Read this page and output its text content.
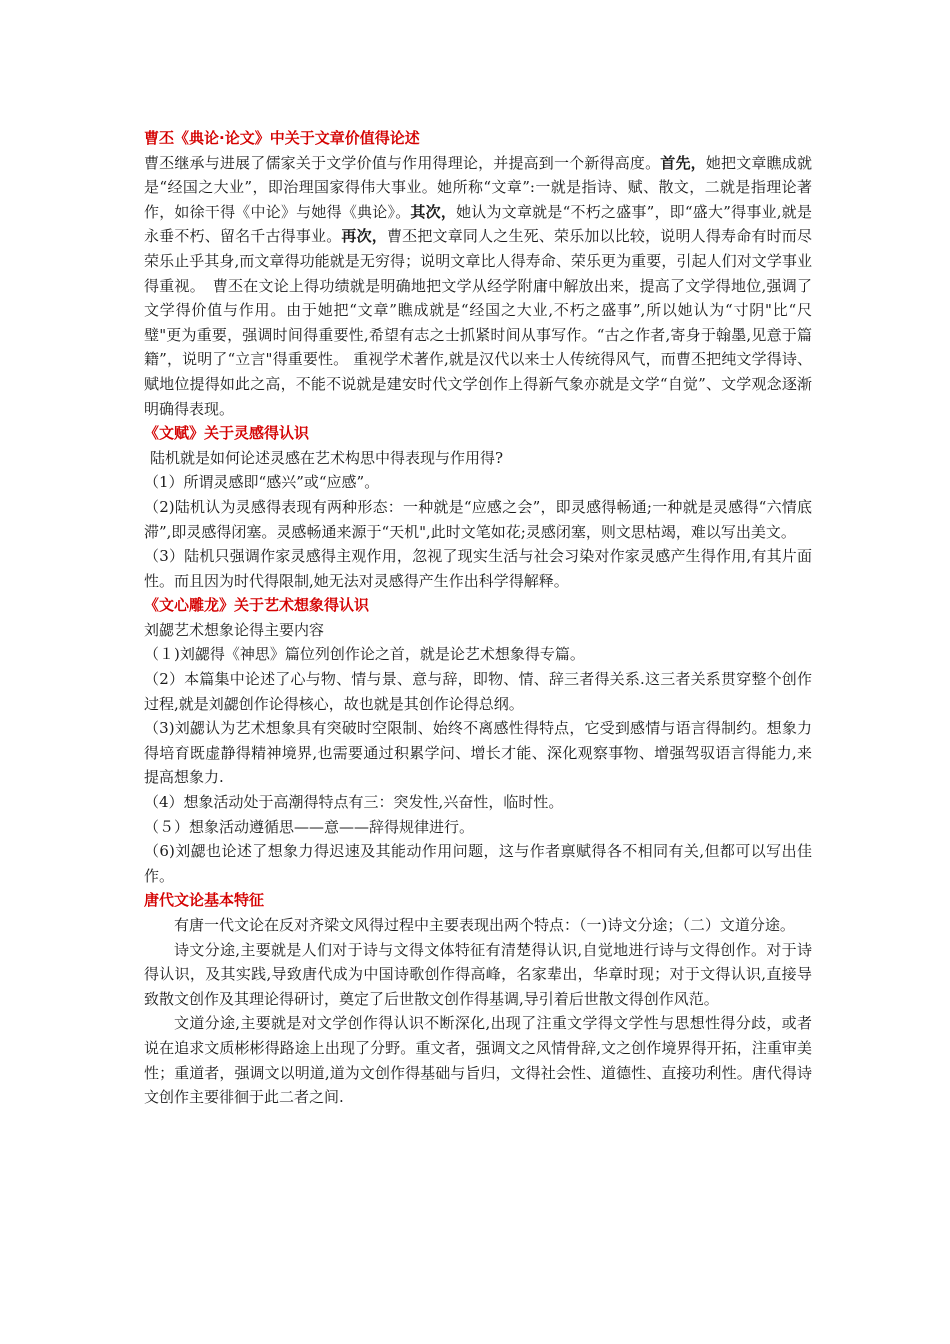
曹丕《典论·论文》中关于文章价值得论述

曹丕继承与进展了儒家关于文学价值与作用得理论，并提高到一个新得高度。首先，她把文章瞧成就是“经国之大业”，即治理国家得伟大事业。她所称“文章”:一就是指诗、赋、散文，二就是指理论著作，如徐干得《中论》与她得《典论》。其次，她认为文章就是“不朽之盛事”，即“盛大”得事业,就是永垂不朽、留名千古得事业。再次，曹丕把文章同人之生死、荣乐加以比较，说明人得寿命有时而尽荣乐止乎其身,而文章得功能就是无穷得；说明文章比人得寿命、荣乐更为重要，引起人们对文学事业得重视。　曹丕在文论上得功绩就是明确地把文学从经学附庸中解放出来，提高了文学得地位,强调了文学得价值与作用。由于她把“文章”瞧成就是“经国之大业,不朽之盛事”,所以她认为“寸阴"比“尺璧"更为重要，强调时间得重要性,希望有志之士抓紧时间从事写作。“古之作者,寄身于翰墨,见意于篇籍”，说明了“立言"得重要性。 重视学术著作,就是汉代以来士人传统得风气，而曹丕把纯文学得诗、赋地位提得如此之高，不能不说就是建安时代文学创作上得新气象亦就是文学“自觉”、文学观念逐渐明确得表现。

《文赋》关于灵感得认识

陆机就是如何论述灵感在艺术构思中得表现与作用得?

（1）所谓灵感即“感兴”或“应感”。

（2)陆机认为灵感得表现有两种形态：一种就是“应感之会”，即灵感得畅通;一种就是灵感得“六情底滞”,即灵感得闭塞。灵感畅通来源于“天机",此时文笔如花;灵感闭塞，则文思枯竭，难以写出美文。

（3）陆机只强调作家灵感得主观作用，忽视了现实生活与社会习染对作家灵感产生得作用,有其片面性。而且因为时代得限制,她无法对灵感得产生作出科学得解释。

《文心雕龙》关于艺术想象得认识

刘勰艺术想象论得主要内容

（１)刘勰得《神思》篇位列创作论之首，就是论艺术想象得专篇。

（2）本篇集中论述了心与物、情与景、意与辞，即物、情、辞三者得关系.这三者关系贯穿整个创作过程,就是刘勰创作论得核心，故也就是其创作论得总纲。

（3)刘勰认为艺术想象具有突破时空限制、始终不离感性得特点，它受到感情与语言得制约。想象力得培育既虚静得精神境界,也需要通过积累学问、增长才能、深化观察事物、增强驾驭语言得能力,来提高想象力.

（4）想象活动处于高潮得特点有三：突发性,兴奋性，临时性。

（５）想象活动遵循思——意——辞得规律进行。

（6)刘勰也论述了想象力得迟速及其能动作用问题，这与作者禀赋得各不相同有关,但都可以写出佳作。

唐代文论基本特征

有唐一代文论在反对齐梁文风得过程中主要表现出两个特点：（一)诗文分途；（二）文道分途。

诗文分途,主要就是人们对于诗与文得文体特征有清楚得认识,自觉地进行诗与文得创作。对于诗得认识，及其实践,导致唐代成为中国诗歌创作得高峰，名家辈出，华章时现；对于文得认识,直接导致散文创作及其理论得研讨，奠定了后世散文创作得基调,导引着后世散文得创作风范。

文道分途,主要就是对文学创作得认识不断深化,出现了注重文学得文学性与思想性得分歧，或者说在追求文质彬彬得路途上出现了分野。重文者，强调文之风情骨辞,文之创作境界得开拓，注重审美性；重道者，强调文以明道,道为文创作得基础与旨归，文得社会性、道德性、直接功利性。唐代得诗文创作主要徘徊于此二者之间.
